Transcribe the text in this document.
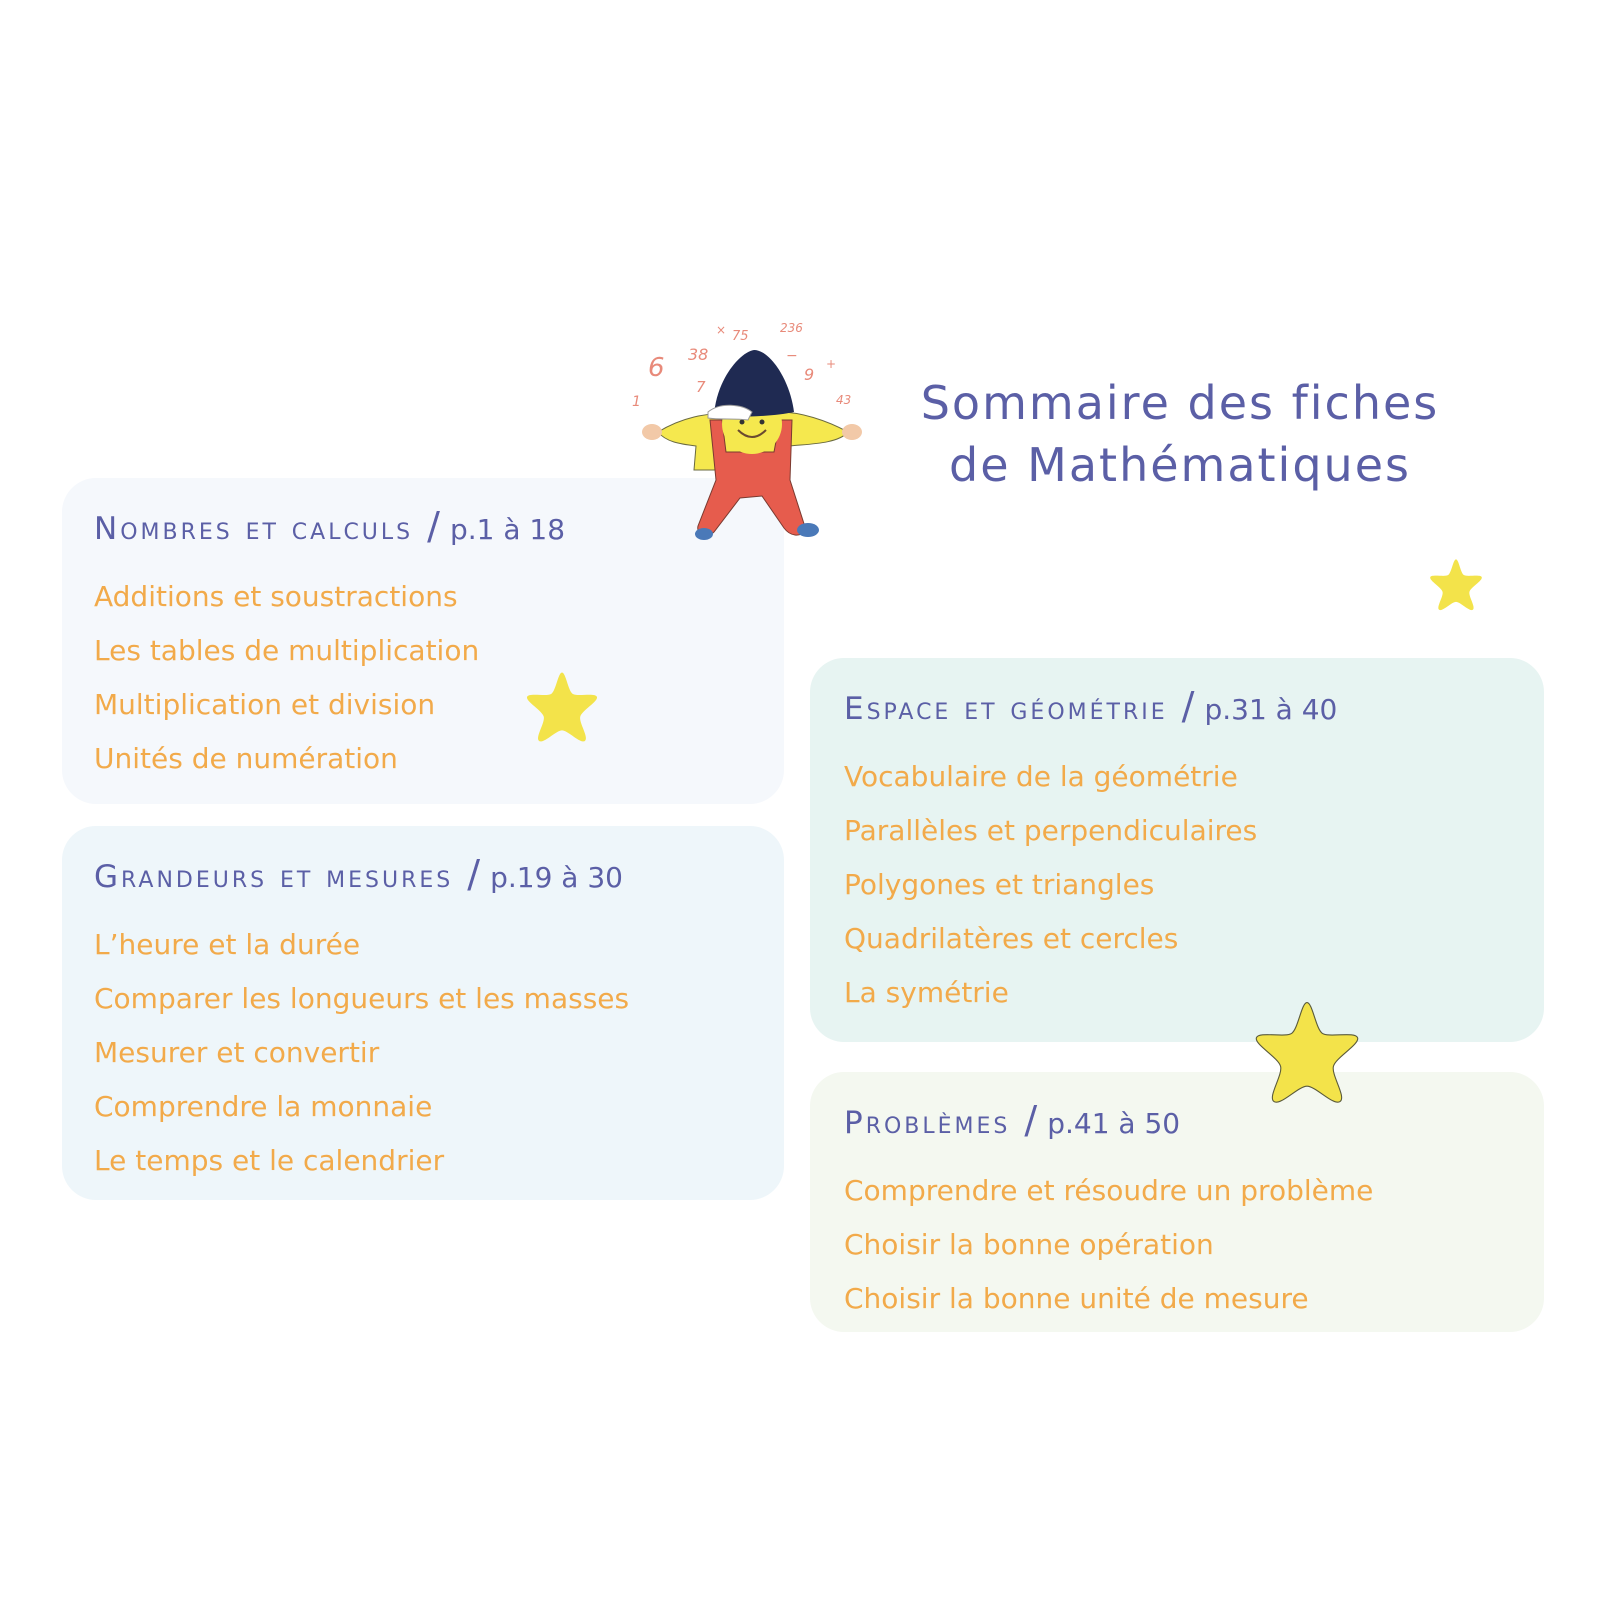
Sommaire des fiches
de Mathématiques
Nombres et calculs / p.1 à 18
Additions et soustractions
Les tables de multiplication
Multiplication et division
Unités de numération
Grandeurs et mesures / p.19 à 30
L’heure et la durée
Comparer les longueurs et les masses
Mesurer et convertir
Comprendre la monnaie
Le temps et le calendrier
Espace et géométrie / p.31 à 40
Vocabulaire de la géométrie
Parallèles et perpendiculaires
Polygones et triangles
Quadrilatères et cercles
La symétrie
Problèmes / p.41 à 50
Comprendre et résoudre un problème
Choisir la bonne opération
Choisir la bonne unité de mesure
6 38
× 75
236
7
9
43
1
+
−
